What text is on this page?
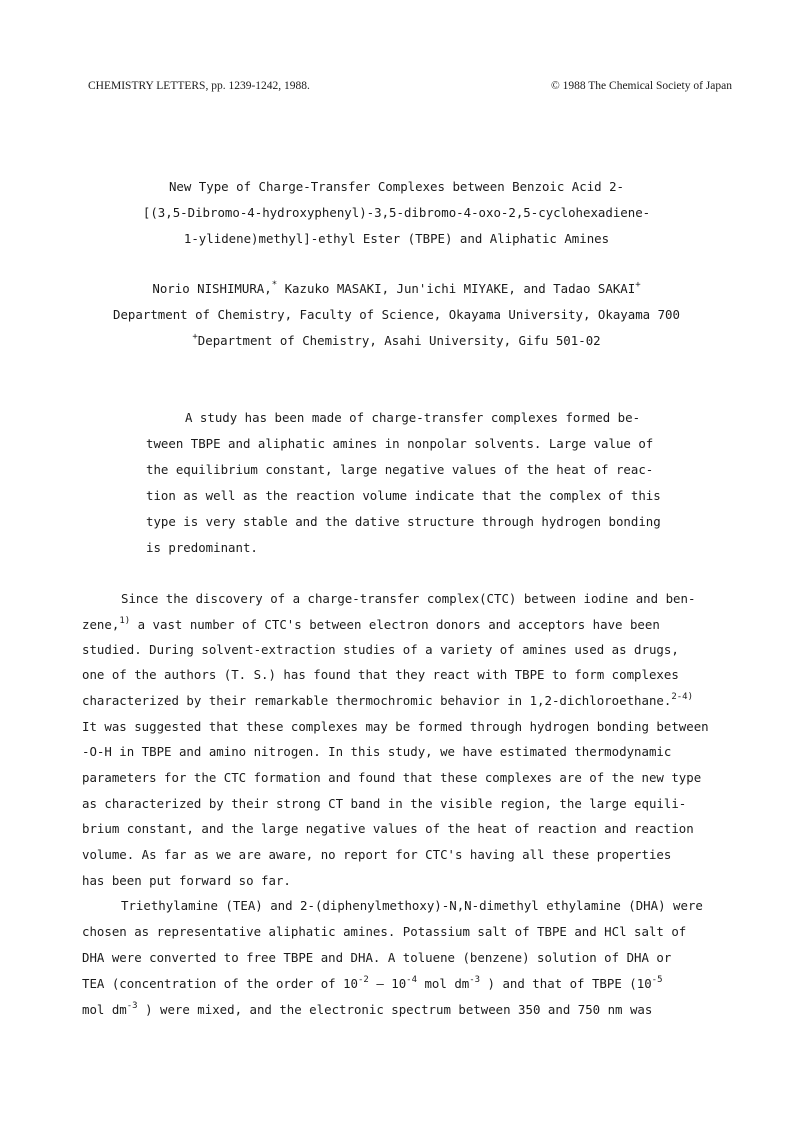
CHEMISTRY LETTERS, pp. 1239-1242, 1988.	© 1988 The Chemical Society of Japan
New Type of Charge-Transfer Complexes between Benzoic Acid 2-
[(3,5-Dibromo-4-hydroxyphenyl)-3,5-dibromo-4-oxo-2,5-cyclohexadiene-
1-ylidene)methyl]-ethyl Ester (TBPE) and Aliphatic Amines
Norio NISHIMURA,* Kazuko MASAKI, Jun'ichi MIYAKE, and Tadao SAKAI+
Department of Chemistry, Faculty of Science, Okayama University, Okayama 700
+Department of Chemistry, Asahi University, Gifu 501-02
A study has been made of charge-transfer complexes formed be-
tween TBPE and aliphatic amines in nonpolar solvents. Large value of
the equilibrium constant, large negative values of the heat of reac-
tion as well as the reaction volume indicate that the complex of this
type is very stable and the dative structure through hydrogen bonding
is predominant.
Since the discovery of a charge-transfer complex(CTC) between iodine and ben-
zene,$^{1)}$ a vast number of CTC's between electron donors and acceptors have been
studied. During solvent-extraction studies of a variety of amines used as drugs,
one of the authors (T. S.) has found that they react with TBPE to form complexes
characterized by their remarkable thermochromic behavior in 1,2-dichloroethane.$^{2-4)}$
It was suggested that these complexes may be formed through hydrogen bonding between
-O-H in TBPE and amino nitrogen. In this study, we have estimated thermodynamic
parameters for the CTC formation and found that these complexes are of the new type
as characterized by their strong CT band in the visible region, the large equili-
brium constant, and the large negative values of the heat of reaction and reaction
volume. As far as we are aware, no report for CTC's having all these properties
has been put forward so far.
Triethylamine (TEA) and 2-(diphenylmethoxy)-N,N-dimethyl ethylamine (DHA) were
chosen as representative aliphatic amines. Potassium salt of TBPE and HCl salt of
DHA were converted to free TBPE and DHA. A toluene (benzene) solution of DHA or
TEA (concentration of the order of $10^{-2} - 10^{-4}$ mol $dm^{-3}$ ) and that of TBPE ($10^{-5}$
mol $dm^{-3}$ ) were mixed, and the electronic spectrum between 350 and 750 nm was
